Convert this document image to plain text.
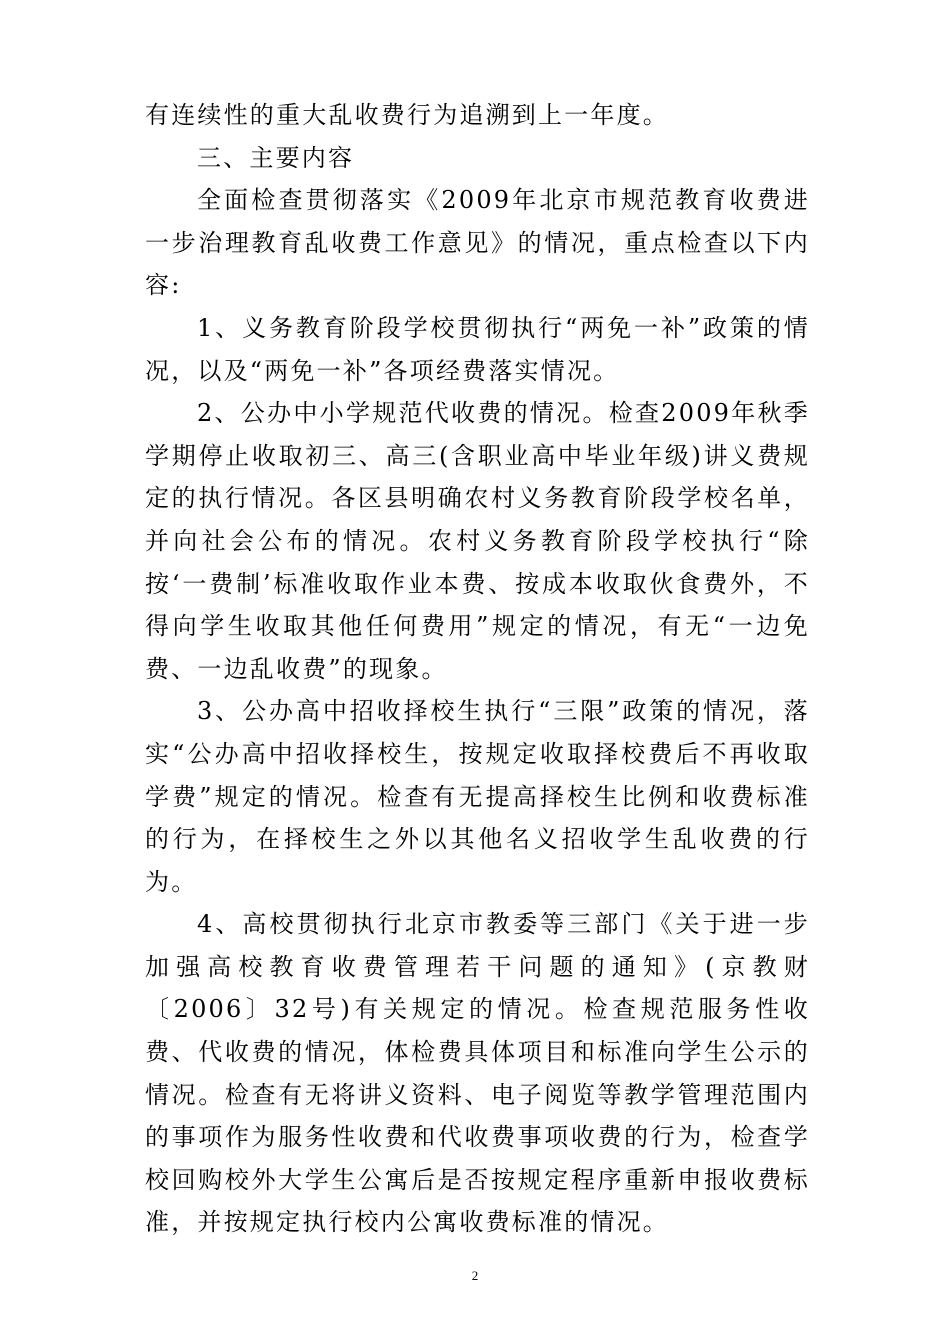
有连续性的重大乱收费行为追溯到上一年度。

三、主要内容

全面检查贯彻落实《2009年北京市规范教育收费进一步治理教育乱收费工作意见》的情况，重点检查以下内容:

1、义务教育阶段学校贯彻执行“两免一补”政策的情况，以及“两免一补”各项经费落实情况。

2、公办中小学规范代收费的情况。检查2009年秋季学期停止收取初三、高三(含职业高中毕业年级)讲义费规定的执行情况。各区县明确农村义务教育阶段学校名单，并向社会公布的情况。农村义务教育阶段学校执行“除按‘一费制’标准收取作业本费、按成本收取伙食费外，不得向学生收取其他任何费用”规定的情况，有无“一边免费、一边乱收费”的现象。

3、公办高中招收择校生执行“三限”政策的情况，落实“公办高中招收择校生，按规定收取择校费后不再收取学费”规定的情况。检查有无提高择校生比例和收费标准的行为，在择校生之外以其他名义招收学生乱收费的行为。

4、高校贯彻执行北京市教委等三部门《关于进一步加强高校教育收费管理若干问题的通知》(京教财〔2006〕32号)有关规定的情况。检查规范服务性收费、代收费的情况，体检费具体项目和标准向学生公示的情况。检查有无将讲义资料、电子阅览等教学管理范围内的事项作为服务性收费和代收费事项收费的行为，检查学校回购校外大学生公寓后是否按规定程序重新申报收费标准，并按规定执行校内公寓收费标准的情况。

2
